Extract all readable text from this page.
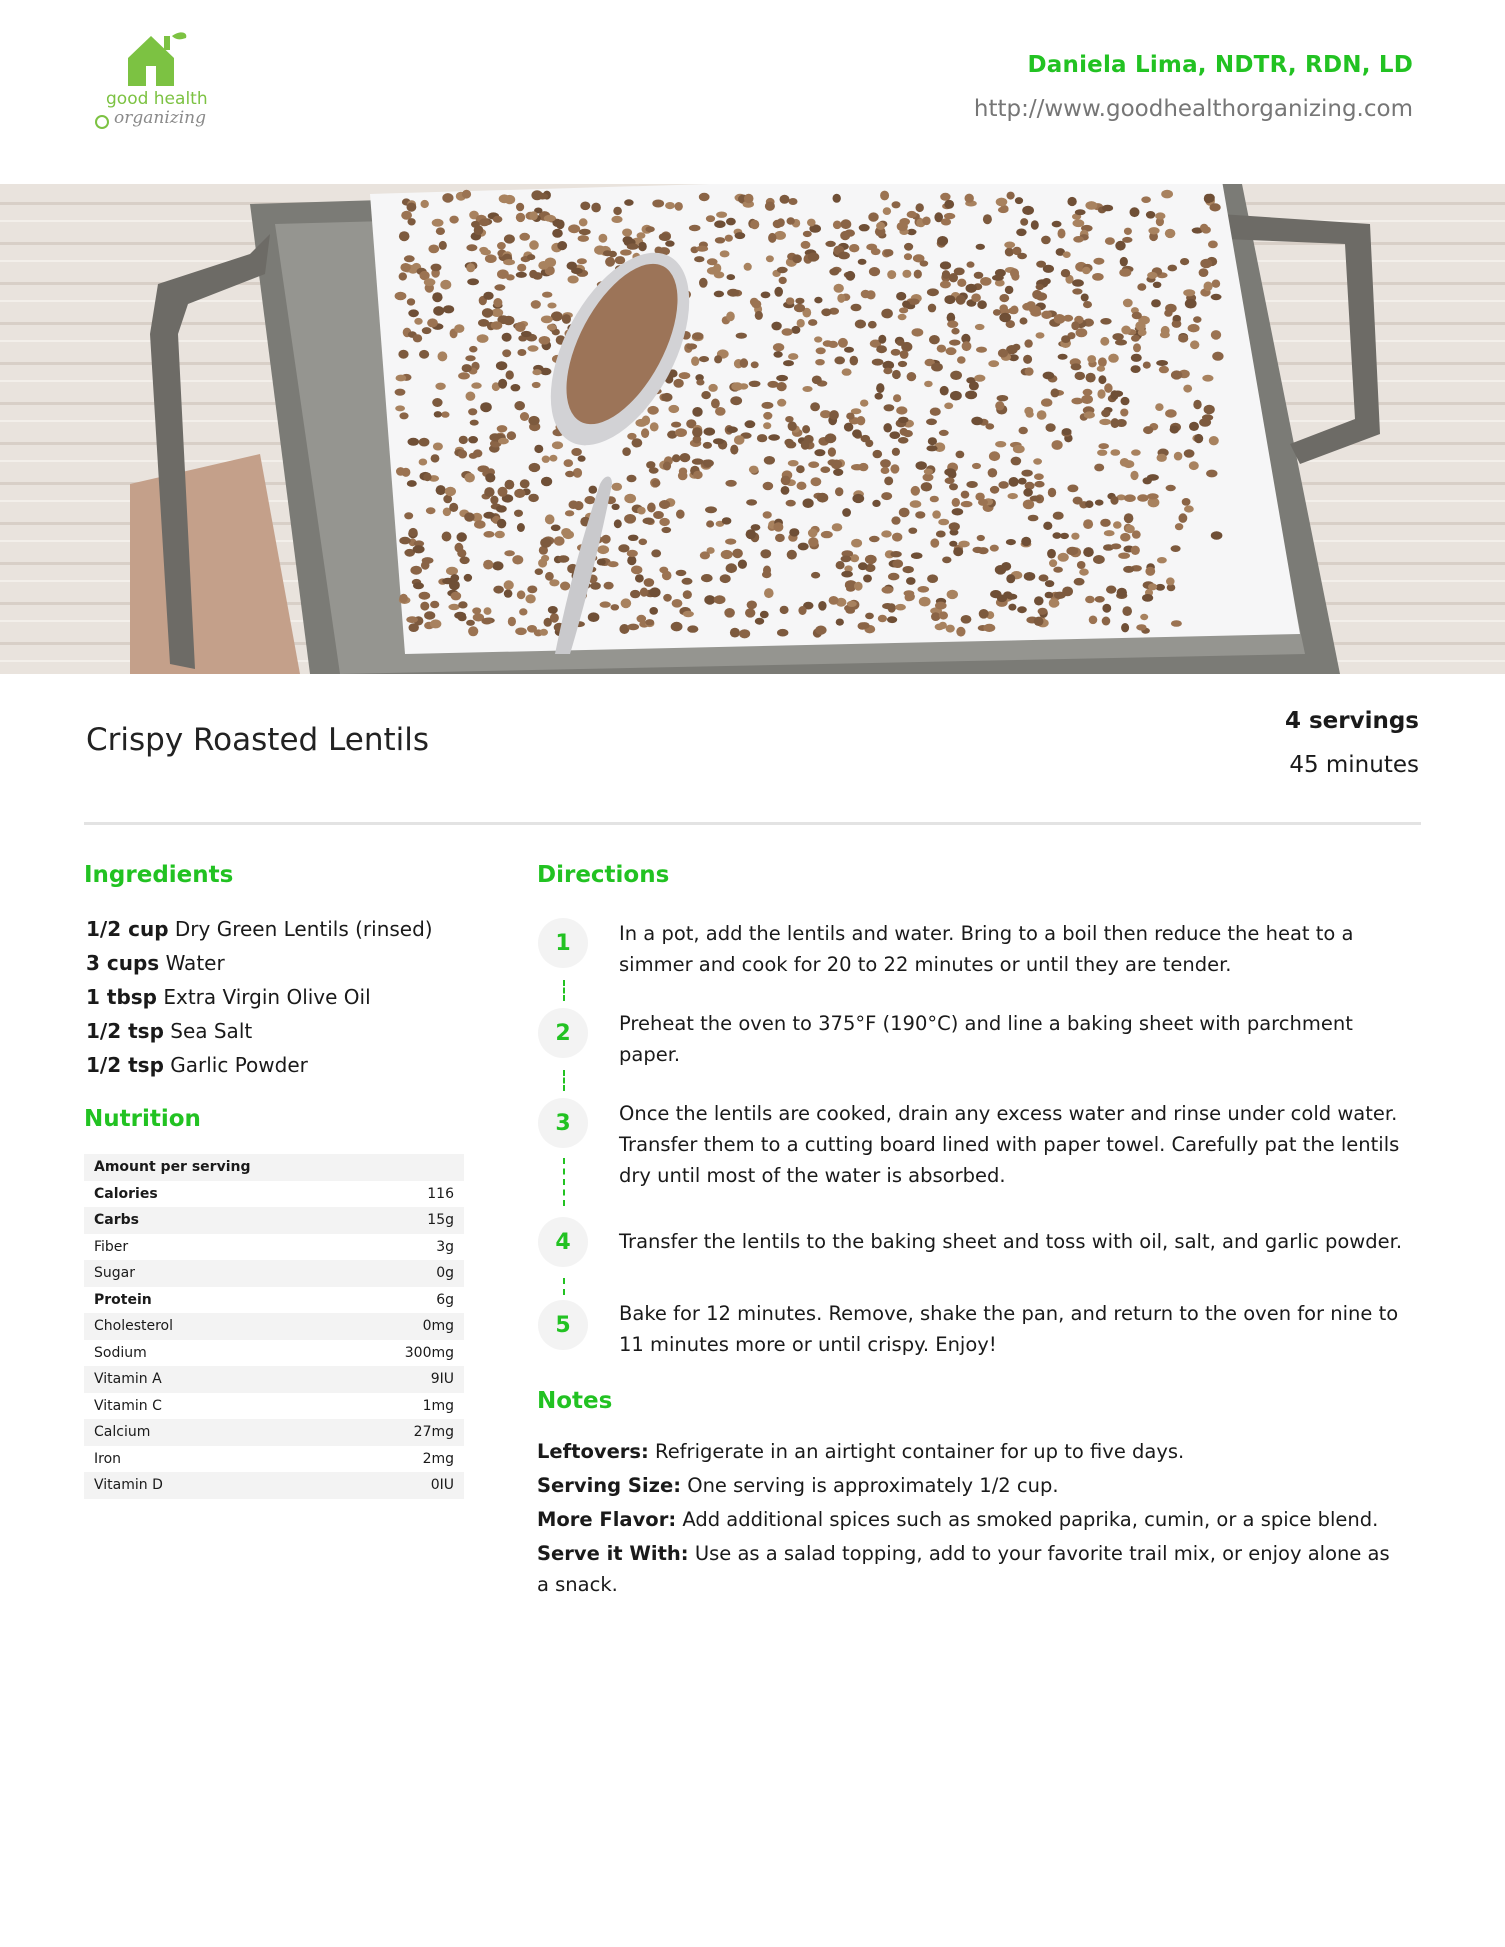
good health
organizing
Daniela Lima, NDTR, RDN, LD
http://www.goodhealthorganizing.com
Crispy Roasted Lentils
4 servings
45 minutes
Ingredients
1/2 cup Dry Green Lentils (rinsed)
3 cups Water
1 tbsp Extra Virgin Olive Oil
1/2 tsp Sea Salt
1/2 tsp Garlic Powder
Nutrition
Amount per serving	
Calories	116
Carbs	15g
Fiber	3g
Sugar	0g
Protein	6g
Cholesterol	0mg
Sodium	300mg
Vitamin A	9IU
Vitamin C	1mg
Calcium	27mg
Iron	2mg
Vitamin D	0IU
Directions
1	In a pot, add the lentils and water. Bring to a boil then reduce the heat to a simmer and cook for 20 to 22 minutes or until they are tender.
2	Preheat the oven to 375°F (190°C) and line a baking sheet with parchment paper.
3	Once the lentils are cooked, drain any excess water and rinse under cold water. Transfer them to a cutting board lined with paper towel. Carefully pat the lentils dry until most of the water is absorbed.
4	Transfer the lentils to the baking sheet and toss with oil, salt, and garlic powder.
5	Bake for 12 minutes. Remove, shake the pan, and return to the oven for nine to 11 minutes more or until crispy. Enjoy!
Notes
Leftovers: Refrigerate in an airtight container for up to five days.
Serving Size: One serving is approximately 1/2 cup.
More Flavor: Add additional spices such as smoked paprika, cumin, or a spice blend.
Serve it With: Use as a salad topping, add to your favorite trail mix, or enjoy alone as a snack.
